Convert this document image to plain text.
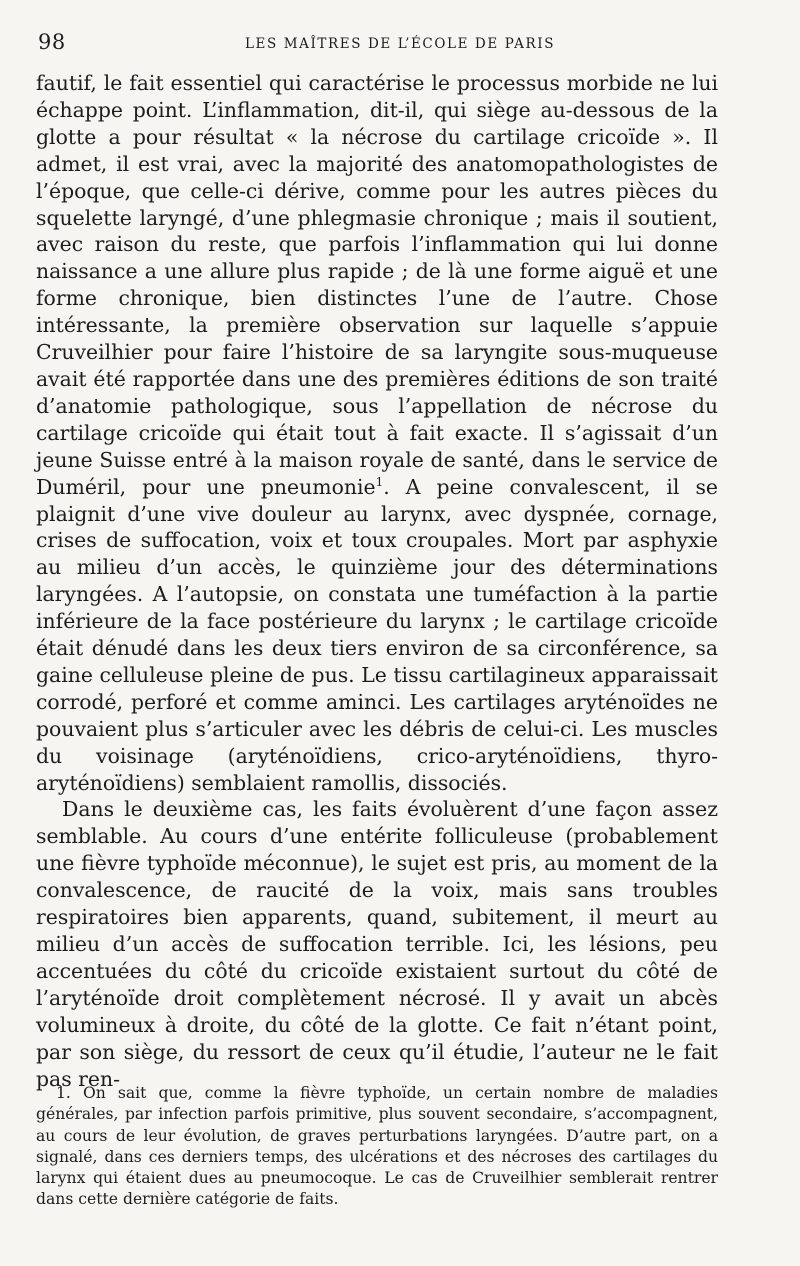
98	LES MAÎTRES DE L’ÉCOLE DE PARIS

fautif, le fait essentiel qui caractérise le processus morbide ne lui échappe point. L’inflammation, dit-il, qui siège au-dessous de la glotte a pour résultat « la nécrose du cartilage cricoïde ». Il admet, il est vrai, avec la majorité des anatomopathologistes de l’époque, que celle-ci dérive, comme pour les autres pièces du squelette laryngé, d’une phlegmasie chronique ; mais il soutient, avec raison du reste, que parfois l’inflammation qui lui donne naissance a une allure plus rapide ; de là une forme aiguë et une forme chronique, bien distinctes l’une de l’autre. Chose intéressante, la première observation sur laquelle s’appuie Cruveilhier pour faire l’histoire de sa laryngite sous-muqueuse avait été rapportée dans une des premières éditions de son traité d’anatomie pathologique, sous l’appellation de nécrose du cartilage cricoïde qui était tout à fait exacte. Il s’agissait d’un jeune Suisse entré à la maison royale de santé, dans le service de Duméril, pour une pneumonie$^1$. A peine convalescent, il se plaignit d’une vive douleur au larynx, avec dyspnée, cornage, crises de suffocation, voix et toux croupales. Mort par asphyxie au milieu d’un accès, le quinzième jour des déterminations laryngées. A l’autopsie, on constata une tuméfaction à la partie inférieure de la face postérieure du larynx ; le cartilage cricoïde était dénudé dans les deux tiers environ de sa circonférence, sa gaine celluleuse pleine de pus. Le tissu cartilagineux apparaissait corrodé, perforé et comme aminci. Les cartilages aryténoïdes ne pouvaient plus s’articuler avec les débris de celui-ci. Les muscles du voisinage (aryténoïdiens, crico-aryténoïdiens, thyro-aryténoïdiens) semblaient ramollis, dissociés.

Dans le deuxième cas, les faits évoluèrent d’une façon assez semblable. Au cours d’une entérite folliculeuse (probablement une fièvre typhoïde méconnue), le sujet est pris, au moment de la convalescence, de raucité de la voix, mais sans troubles respiratoires bien apparents, quand, subitement, il meurt au milieu d’un accès de suffocation terrible. Ici, les lésions, peu accentuées du côté du cricoïde existaient surtout du côté de l’aryténoïde droit complètement nécrosé. Il y avait un abcès volumineux à droite, du côté de la glotte. Ce fait n’étant point, par son siège, du ressort de ceux qu’il étudie, l’auteur ne le fait pas ren-

1. On sait que, comme la fièvre typhoïde, un certain nombre de maladies générales, par infection parfois primitive, plus souvent secondaire, s’accompagnent, au cours de leur évolution, de graves perturbations laryngées. D’autre part, on a signalé, dans ces derniers temps, des ulcérations et des nécroses des cartilages du larynx qui étaient dues au pneumocoque. Le cas de Cruveilhier semblerait rentrer dans cette dernière catégorie de faits.
